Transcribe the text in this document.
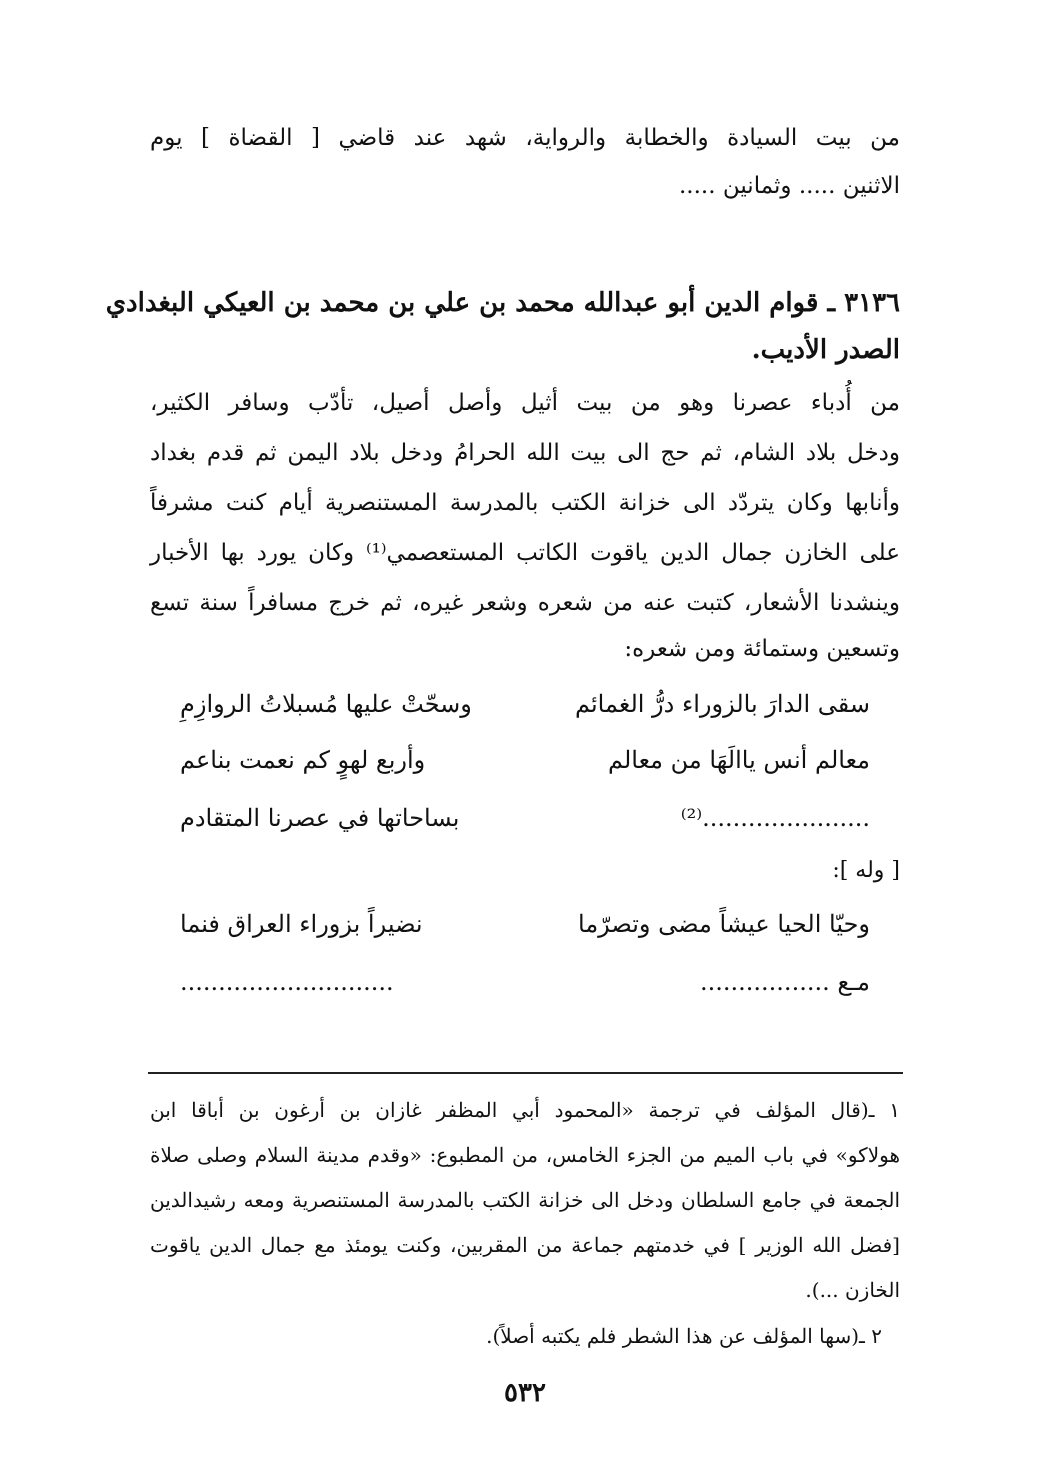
من بيت السيادة والخطابة والرواية، شهد عند قاضي [ القضاة ] يوم
الاثنين ..... وثمانين .....
٣١٣٦ ـ قوام الدين أبو عبدالله محمد بن علي بن محمد بن العيكي البغدادي
الصدر الأديب.
من أُدباء عصرنا وهو من بيت أثيل وأصل أصيل، تأدّب وسافر الكثير،
ودخل بلاد الشام، ثم حج الى بيت الله الحرامُ ودخل بلاد اليمن ثم قدم بغداد
وأنابها وكان يتردّد الى خزانة الكتب بالمدرسة المستنصرية أيام كنت مشرفاً
على الخازن جمال الدين ياقوت الكاتب المستعصمي⁽¹⁾ وكان يورد بها الأخبار
وينشدنا الأشعار، كتبت عنه من شعره وشعر غيره، ثم خرج مسافراً سنة تسع
وتسعين وستمائة ومن شعره:
سقى الدارَ بالزوراء درُّ الغمائم
وسحّتْ عليها مُسبلاتُ الروازِمِ
معالم أنس ياالَهَا من معالم
وأربع لهوٍ كم نعمت بناعم
......................⁽²⁾
بساحاتها في عصرنا المتقادم
[ وله ]:
وحيّا الحيا عيشاً مضى وتصرّما
نضيراً بزوراء العراق فنما
مـع .................
............................
١ ـ(قال المؤلف في ترجمة «المحمود أبي المظفر غازان بن أرغون بن أباقا ابن
هولاكو» في باب الميم من الجزء الخامس، من المطبوع: «وقدم مدينة السلام وصلى صلاة
الجمعة في جامع السلطان ودخل الى خزانة الكتب بالمدرسة المستنصرية ومعه رشيدالدين
[فضل الله الوزير ] في خدمتهم جماعة من المقربين، وكنت يومئذ مع جمال الدين ياقوت
الخازن ...).
٢ ـ(سها المؤلف عن هذا الشطر فلم يكتبه أصلاً).
٥٣٢
